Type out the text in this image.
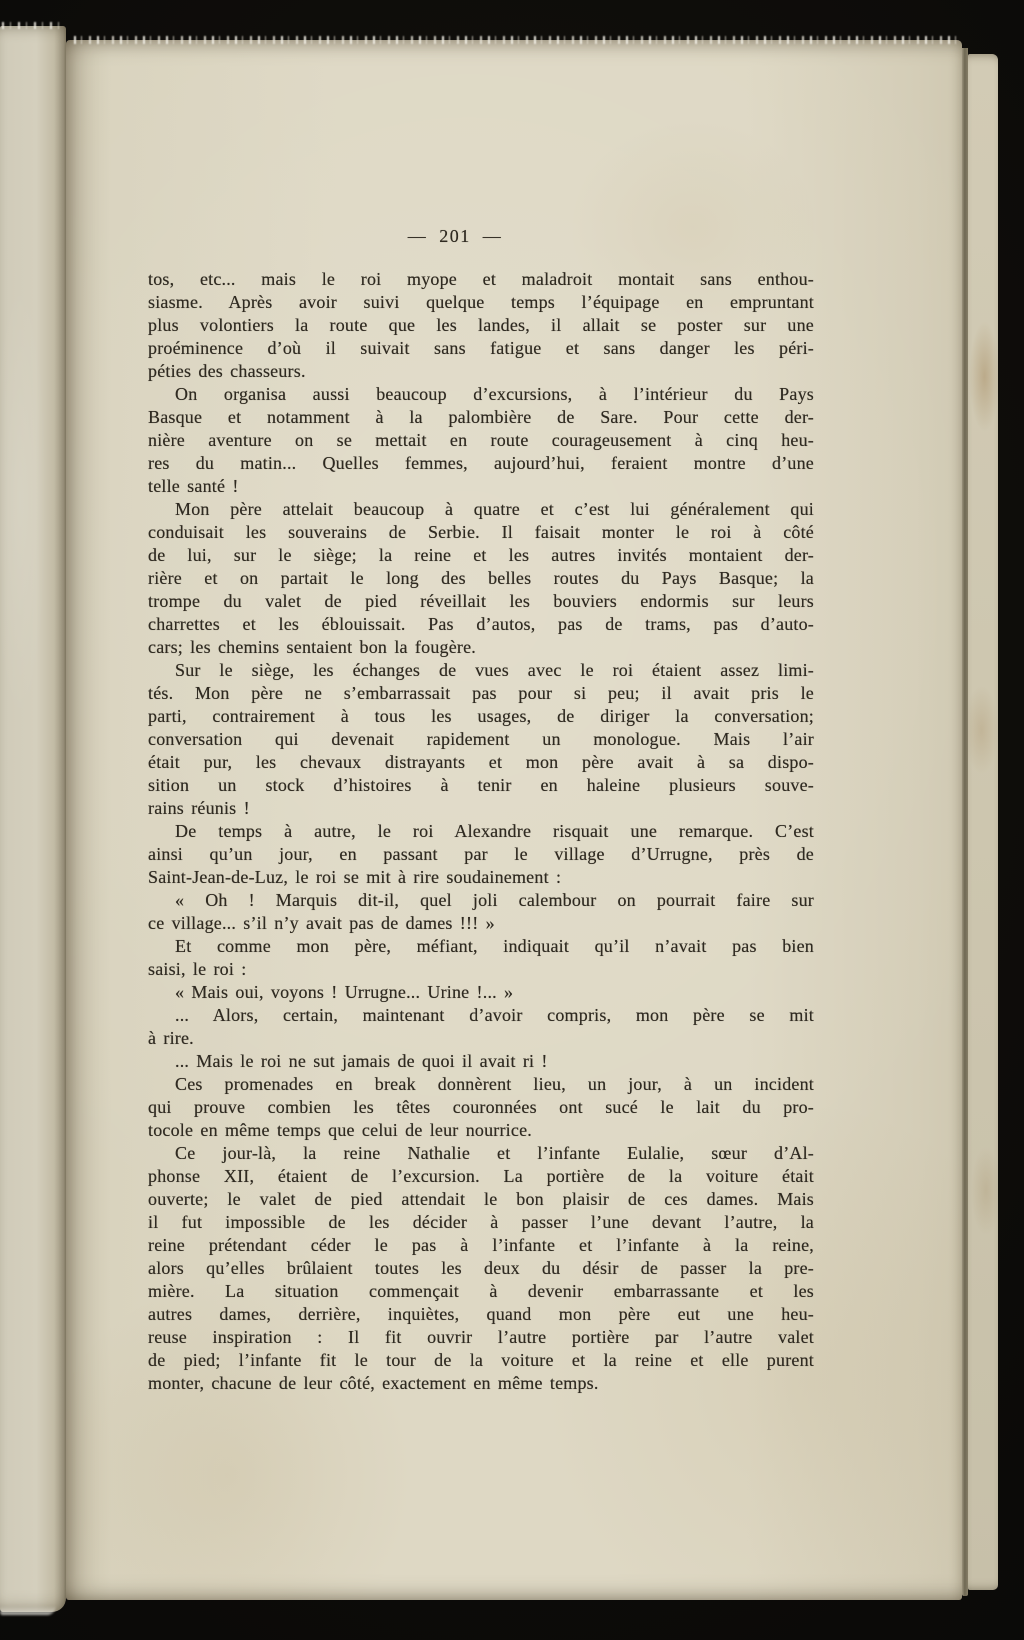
— 201 —
tos, etc... mais le roi myope et maladroit montait sans enthou-
siasme. Après avoir suivi quelque temps l’équipage en empruntant
plus volontiers la route que les landes, il allait se poster sur une
proéminence d’où il suivait sans fatigue et sans danger les péri-
péties des chasseurs.
On organisa aussi beaucoup d’excursions, à l’intérieur du Pays
Basque et notamment à la palombière de Sare. Pour cette der-
nière aventure on se mettait en route courageusement à cinq heu-
res du matin... Quelles femmes, aujourd’hui, feraient montre d’une
telle santé !
Mon père attelait beaucoup à quatre et c’est lui généralement qui
conduisait les souverains de Serbie. Il faisait monter le roi à côté
de lui, sur le siège; la reine et les autres invités montaient der-
rière et on partait le long des belles routes du Pays Basque; la
trompe du valet de pied réveillait les bouviers endormis sur leurs
charrettes et les éblouissait. Pas d’autos, pas de trams, pas d’auto-
cars; les chemins sentaient bon la fougère.
Sur le siège, les échanges de vues avec le roi étaient assez limi-
tés. Mon père ne s’embarrassait pas pour si peu; il avait pris le
parti, contrairement à tous les usages, de diriger la conversation;
conversation qui devenait rapidement un monologue. Mais l’air
était pur, les chevaux distrayants et mon père avait à sa dispo-
sition un stock d’histoires à tenir en haleine plusieurs souve-
rains réunis !
De temps à autre, le roi Alexandre risquait une remarque. C’est
ainsi qu’un jour, en passant par le village d’Urrugne, près de
Saint-Jean-de-Luz, le roi se mit à rire soudainement :
« Oh ! Marquis dit-il, quel joli calembour on pourrait faire sur
ce village... s’il n’y avait pas de dames !!! »
Et comme mon père, méfiant, indiquait qu’il n’avait pas bien
saisi, le roi :
« Mais oui, voyons ! Urrugne... Urine !... »
... Alors, certain, maintenant d’avoir compris, mon père se mit
à rire.
... Mais le roi ne sut jamais de quoi il avait ri !
Ces promenades en break donnèrent lieu, un jour, à un incident
qui prouve combien les têtes couronnées ont sucé le lait du pro-
tocole en même temps que celui de leur nourrice.
Ce jour-là, la reine Nathalie et l’infante Eulalie, sœur d’Al-
phonse XII, étaient de l’excursion. La portière de la voiture était
ouverte; le valet de pied attendait le bon plaisir de ces dames. Mais
il fut impossible de les décider à passer l’une devant l’autre, la
reine prétendant céder le pas à l’infante et l’infante à la reine,
alors qu’elles brûlaient toutes les deux du désir de passer la pre-
mière. La situation commençait à devenir embarrassante et les
autres dames, derrière, inquiètes, quand mon père eut une heu-
reuse inspiration : Il fit ouvrir l’autre portière par l’autre valet
de pied; l’infante fit le tour de la voiture et la reine et elle purent
monter, chacune de leur côté, exactement en même temps.
